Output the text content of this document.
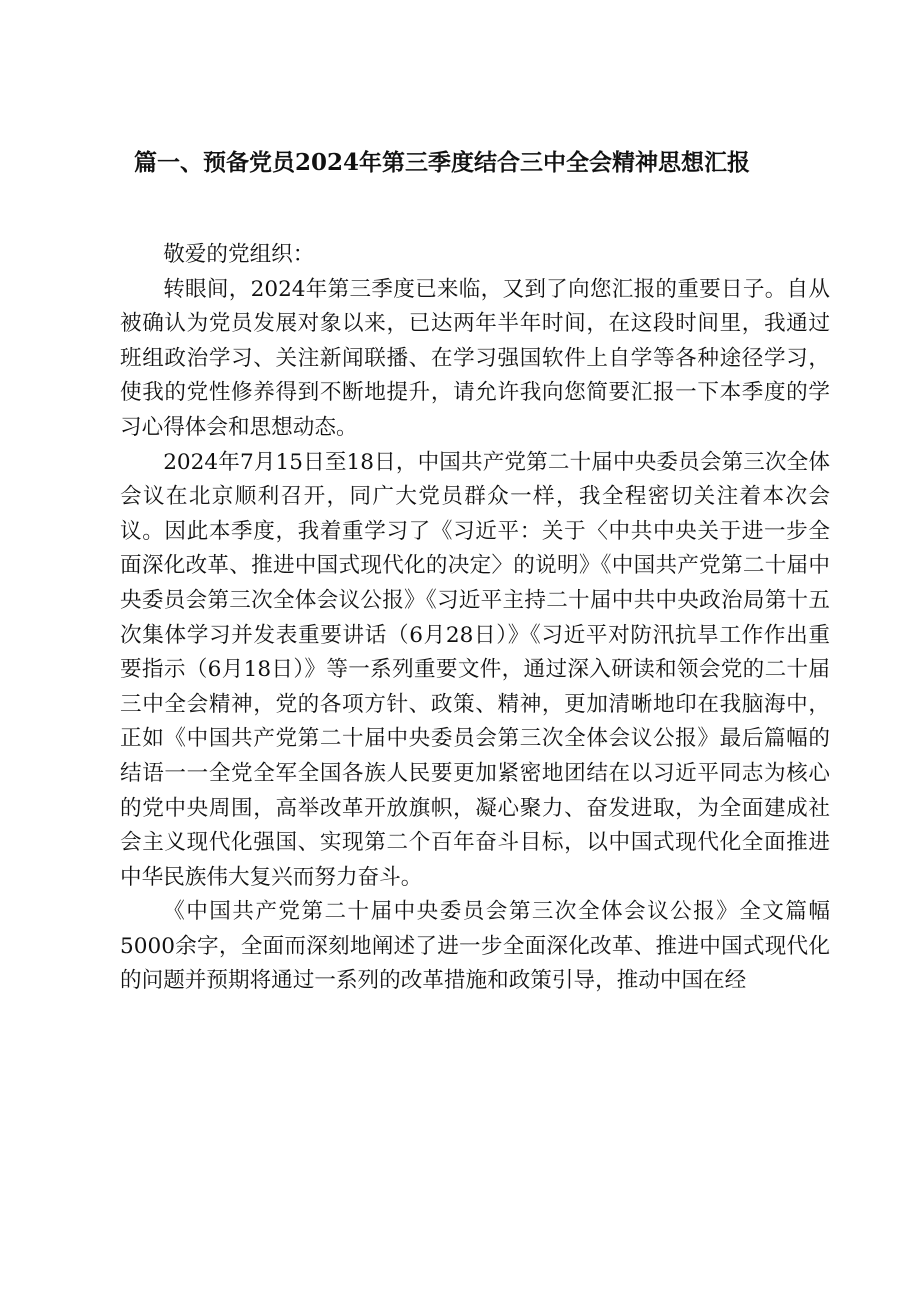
篇一、预备党员2024年第三季度结合三中全会精神思想汇报

敬爱的党组织：

转眼间，2024年第三季度已来临，又到了向您汇报的重要日子。自从被确认为党员发展对象以来，已达两年半年时间，在这段时间里，我通过班组政治学习、关注新闻联播、在学习强国软件上自学等各种途径学习，使我的党性修养得到不断地提升，请允许我向您简要汇报一下本季度的学习心得体会和思想动态。

2024年7月15日至18日，中国共产党第二十届中央委员会第三次全体会议在北京顺利召开，同广大党员群众一样，我全程密切关注着本次会议。因此本季度，我着重学习了《习近平：关于〈中共中央关于进一步全面深化改革、推进中国式现代化的决定〉的说明》《中国共产党第二十届中央委员会第三次全体会议公报》《习近平主持二十届中共中央政治局第十五次集体学习并发表重要讲话（6月28日）》《习近平对防汛抗旱工作作出重要指示（6月18日）》等一系列重要文件，通过深入研读和领会党的二十届三中全会精神，党的各项方针、政策、精神，更加清晰地印在我脑海中，正如《中国共产党第二十届中央委员会第三次全体会议公报》最后篇幅的结语一一全党全军全国各族人民要更加紧密地团结在以习近平同志为核心的党中央周围，高举改革开放旗帜，凝心聚力、奋发进取，为全面建成社会主义现代化强国、实现第二个百年奋斗目标，以中国式现代化全面推进中华民族伟大复兴而努力奋斗。

《中国共产党第二十届中央委员会第三次全体会议公报》全文篇幅5000余字，全面而深刻地阐述了进一步全面深化改革、推进中国式现代化的问题并预期将通过一系列的改革措施和政策引导，推动中国在经
